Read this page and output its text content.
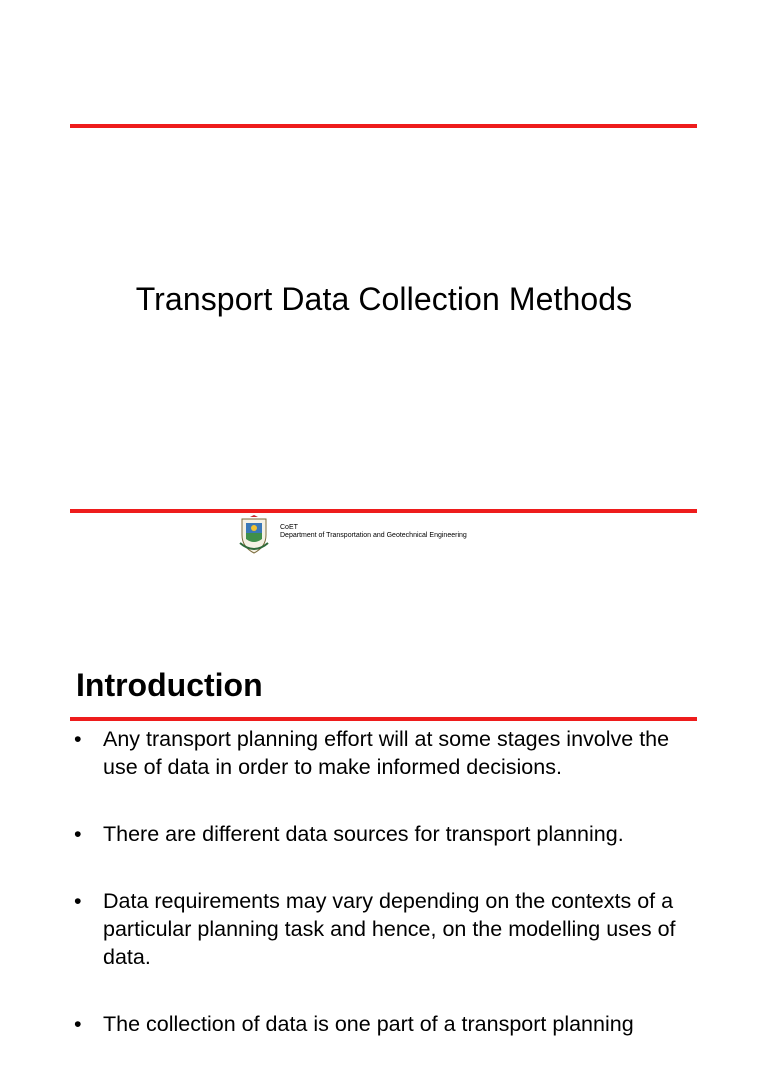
Transport Data Collection Methods
CoET
Department of Transportation and Geotechnical Engineering
Introduction
• Any transport planning effort will at some stages involve the use of data in order to make informed decisions.
• There are different data sources for transport planning.
• Data requirements may vary depending on the contexts of a particular planning task and hence, on the modelling uses of data.
• The collection of data is one part of a transport planning
